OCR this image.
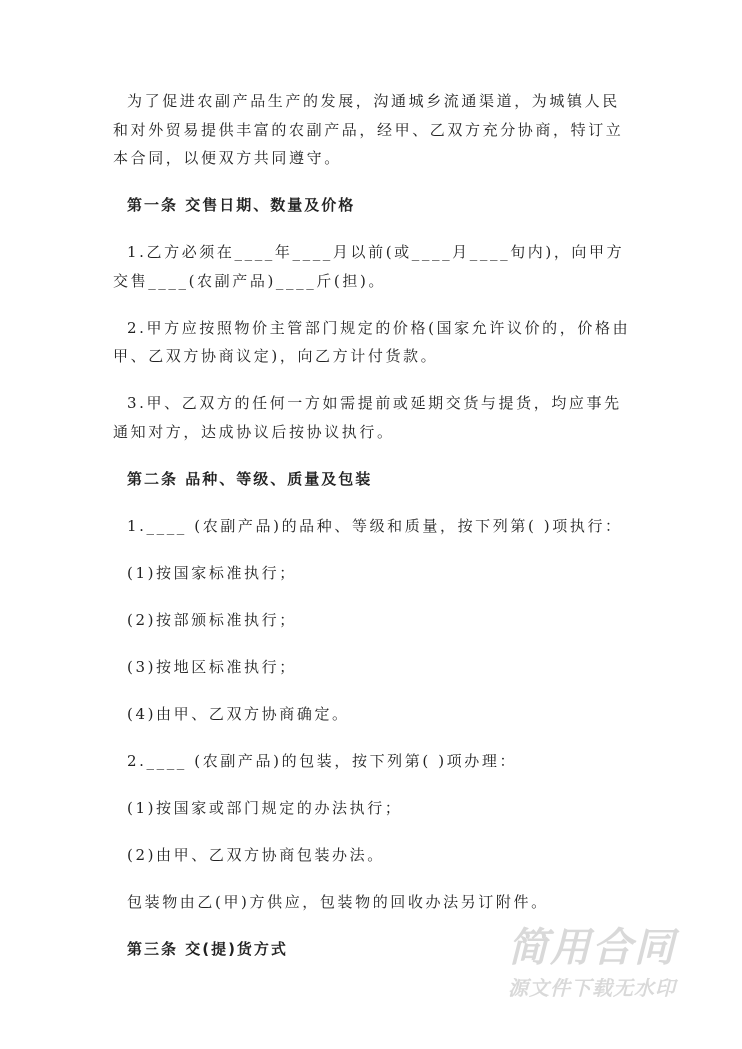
为了促进农副产品生产的发展，沟通城乡流通渠道，为城镇人民和对外贸易提供丰富的农副产品，经甲、乙双方充分协商，特订立本合同，以便双方共同遵守。

第一条 交售日期、数量及价格

1.乙方必须在____年____月以前(或____月____旬内)，向甲方交售____(农副产品)____斤(担)。

2.甲方应按照物价主管部门规定的价格(国家允许议价的，价格由甲、乙双方协商议定)，向乙方计付货款。

3.甲、乙双方的任何一方如需提前或延期交货与提货，均应事先通知对方，达成协议后按协议执行。

第二条 品种、等级、质量及包装

1.____ (农副产品)的品种、等级和质量，按下列第( )项执行：

(1)按国家标准执行；

(2)按部颁标准执行；

(3)按地区标准执行；

(4)由甲、乙双方协商确定。

2.____ (农副产品)的包装，按下列第( )项办理：

(1)按国家或部门规定的办法执行；

(2)由甲、乙双方协商包装办法。

包装物由乙(甲)方供应，包装物的回收办法另订附件。

第三条 交(提)货方式	简用合同
源文件下载无水印
